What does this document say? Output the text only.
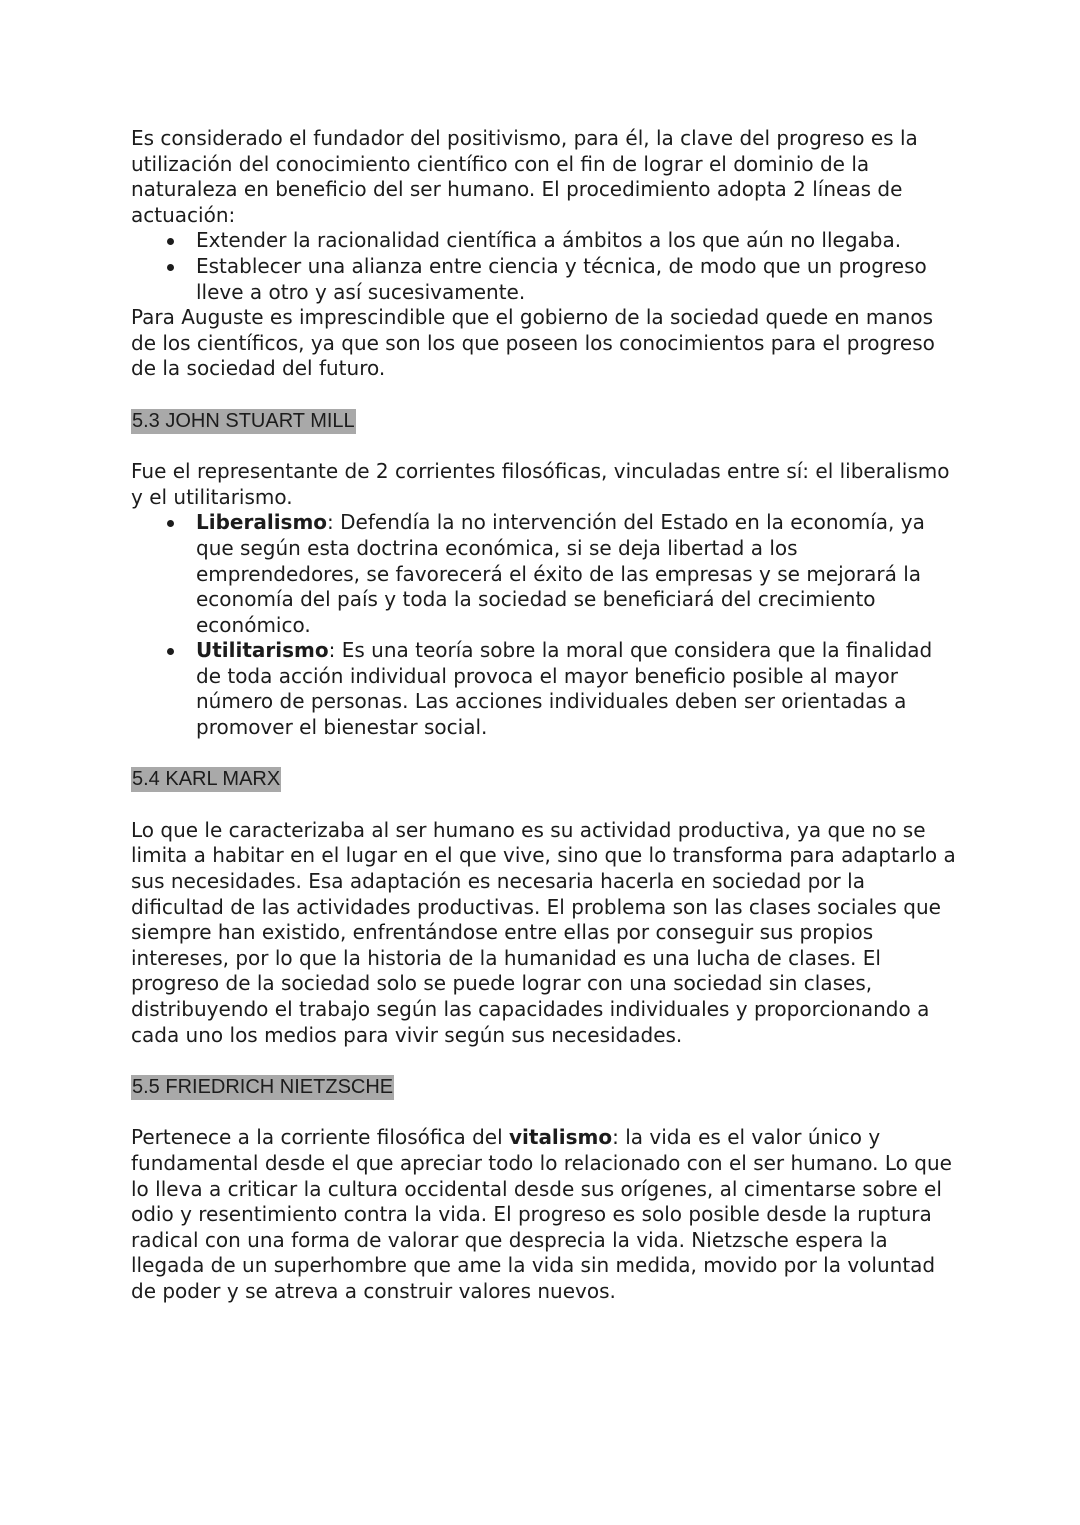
Es considerado el fundador del positivismo, para él, la clave del progreso es la utilización del conocimiento científico con el fin de lograr el dominio de la naturaleza en beneficio del ser humano. El procedimiento adopta 2 líneas de actuación:

Extender la racionalidad científica a ámbitos a los que aún no llegaba.
Establecer una alianza entre ciencia y técnica, de modo que un progreso lleve a otro y así sucesivamente.

Para Auguste es imprescindible que el gobierno de la sociedad quede en manos de los científicos, ya que son los que poseen los conocimientos para el progreso de la sociedad del futuro.

5.3 JOHN STUART MILL

Fue el representante de 2 corrientes filosóficas, vinculadas entre sí: el liberalismo y el utilitarismo.

Liberalismo: Defendía la no intervención del Estado en la economía, ya que según esta doctrina económica, si se deja libertad a los emprendedores, se favorecerá el éxito de las empresas y se mejorará la economía del país y toda la sociedad se beneficiará del crecimiento económico.
Utilitarismo: Es una teoría sobre la moral que considera que la finalidad de toda acción individual provoca el mayor beneficio posible al mayor número de personas. Las acciones individuales deben ser orientadas a promover el bienestar social.

5.4 KARL MARX

Lo que le caracterizaba al ser humano es su actividad productiva, ya que no se limita a habitar en el lugar en el que vive, sino que lo transforma para adaptarlo a sus necesidades. Esa adaptación es necesaria hacerla en sociedad por la dificultad de las actividades productivas. El problema son las clases sociales que siempre han existido, enfrentándose entre ellas por conseguir sus propios intereses, por lo que la historia de la humanidad es una lucha de clases. El progreso de la sociedad solo se puede lograr con una sociedad sin clases, distribuyendo el trabajo según las capacidades individuales y proporcionando a cada uno los medios para vivir según sus necesidades.

5.5 FRIEDRICH NIETZSCHE

Pertenece a la corriente filosófica del vitalismo: la vida es el valor único y fundamental desde el que apreciar todo lo relacionado con el ser humano. Lo que lo lleva a criticar la cultura occidental desde sus orígenes, al cimentarse sobre el odio y resentimiento contra la vida. El progreso es solo posible desde la ruptura radical con una forma de valorar que desprecia la vida. Nietzsche espera la llegada de un superhombre que ame la vida sin medida, movido por la voluntad de poder y se atreva a construir valores nuevos.
